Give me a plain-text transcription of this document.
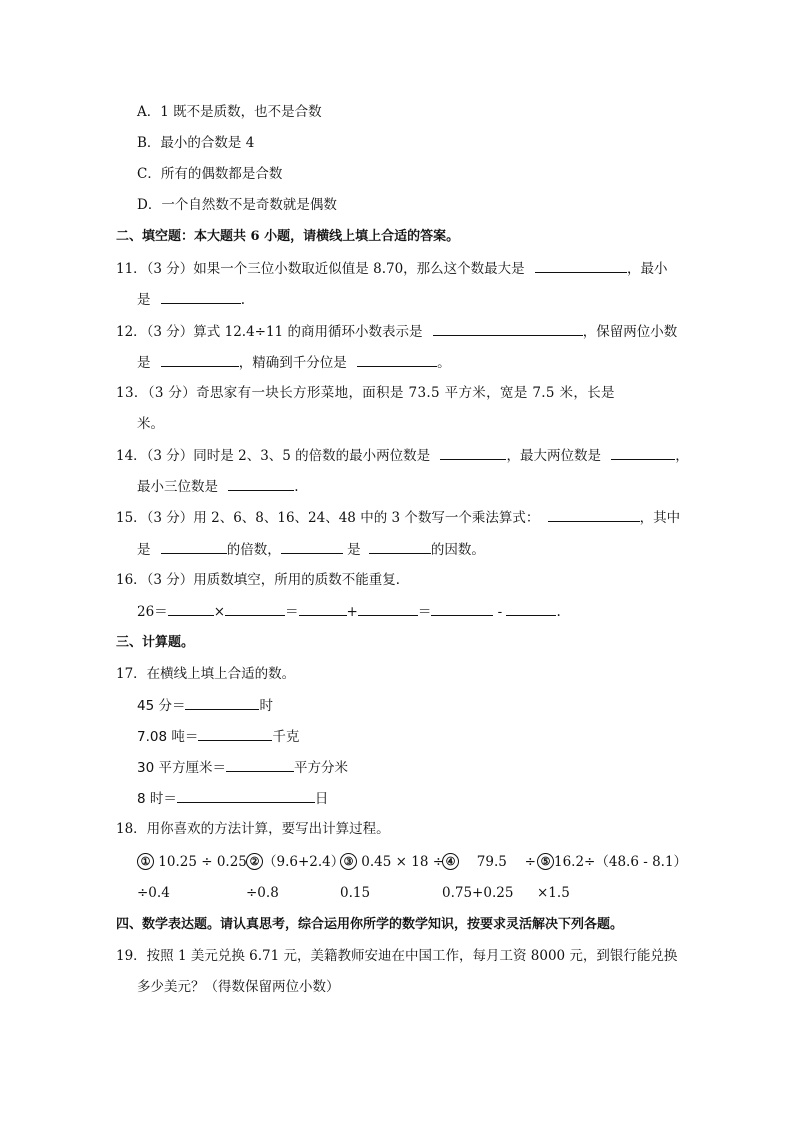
A．1 既不是质数，也不是合数
B．最小的合数是 4
C．所有的偶数都是合数
D．一个自然数不是奇数就是偶数
二、填空题：本大题共 6 小题，请横线上填上合适的答案。
11．（3 分）如果一个三位小数取近似值是 8.70，那么这个数最大是	，最小
是	.
12．（3 分）算式 12.4÷11 的商用循环小数表示是	，保留两位小数
是	，精确到千分位是	。
13．（3 分）奇思家有一块长方形菜地，面积是 73.5 平方米，宽是 7.5 米，长是
米。
14．（3 分）同时是 2、3、5 的倍数的最小两位数是	，最大两位数是	，
最小三位数是	.
15．（3 分）用 2、6、8、16、24、48 中的 3 个数写一个乘法算式：	，其中
是	的倍数，	是	的因数。
16．（3 分）用质数填空，所用的质数不能重复．
26＝	×	＝	+	＝	-	.
三、计算题。
17．在横线上填上合适的数。
45 分＝	时
7.08 吨＝	千克
30 平方厘米＝	平方分米
8 时＝	日
18．用你喜欢的方法计算，要写出计算过程。
① 10.25 ÷ 0.25 ② （9.6+2.4） ③ 0.45 × 18 ÷ ④　 79.5　 ÷ ⑤ 16.2÷（48.6 - 8.1）
÷0.4	÷0.8	0.15	0.75+0.25 ×1.5
四、数学表达题。请认真思考，综合运用你所学的数学知识，按要求灵活解决下列各题。
19．按照 1 美元兑换 6.71 元，美籍教师安迪在中国工作，每月工资 8000 元，到银行能兑换
多少美元？（得数保留两位小数）
